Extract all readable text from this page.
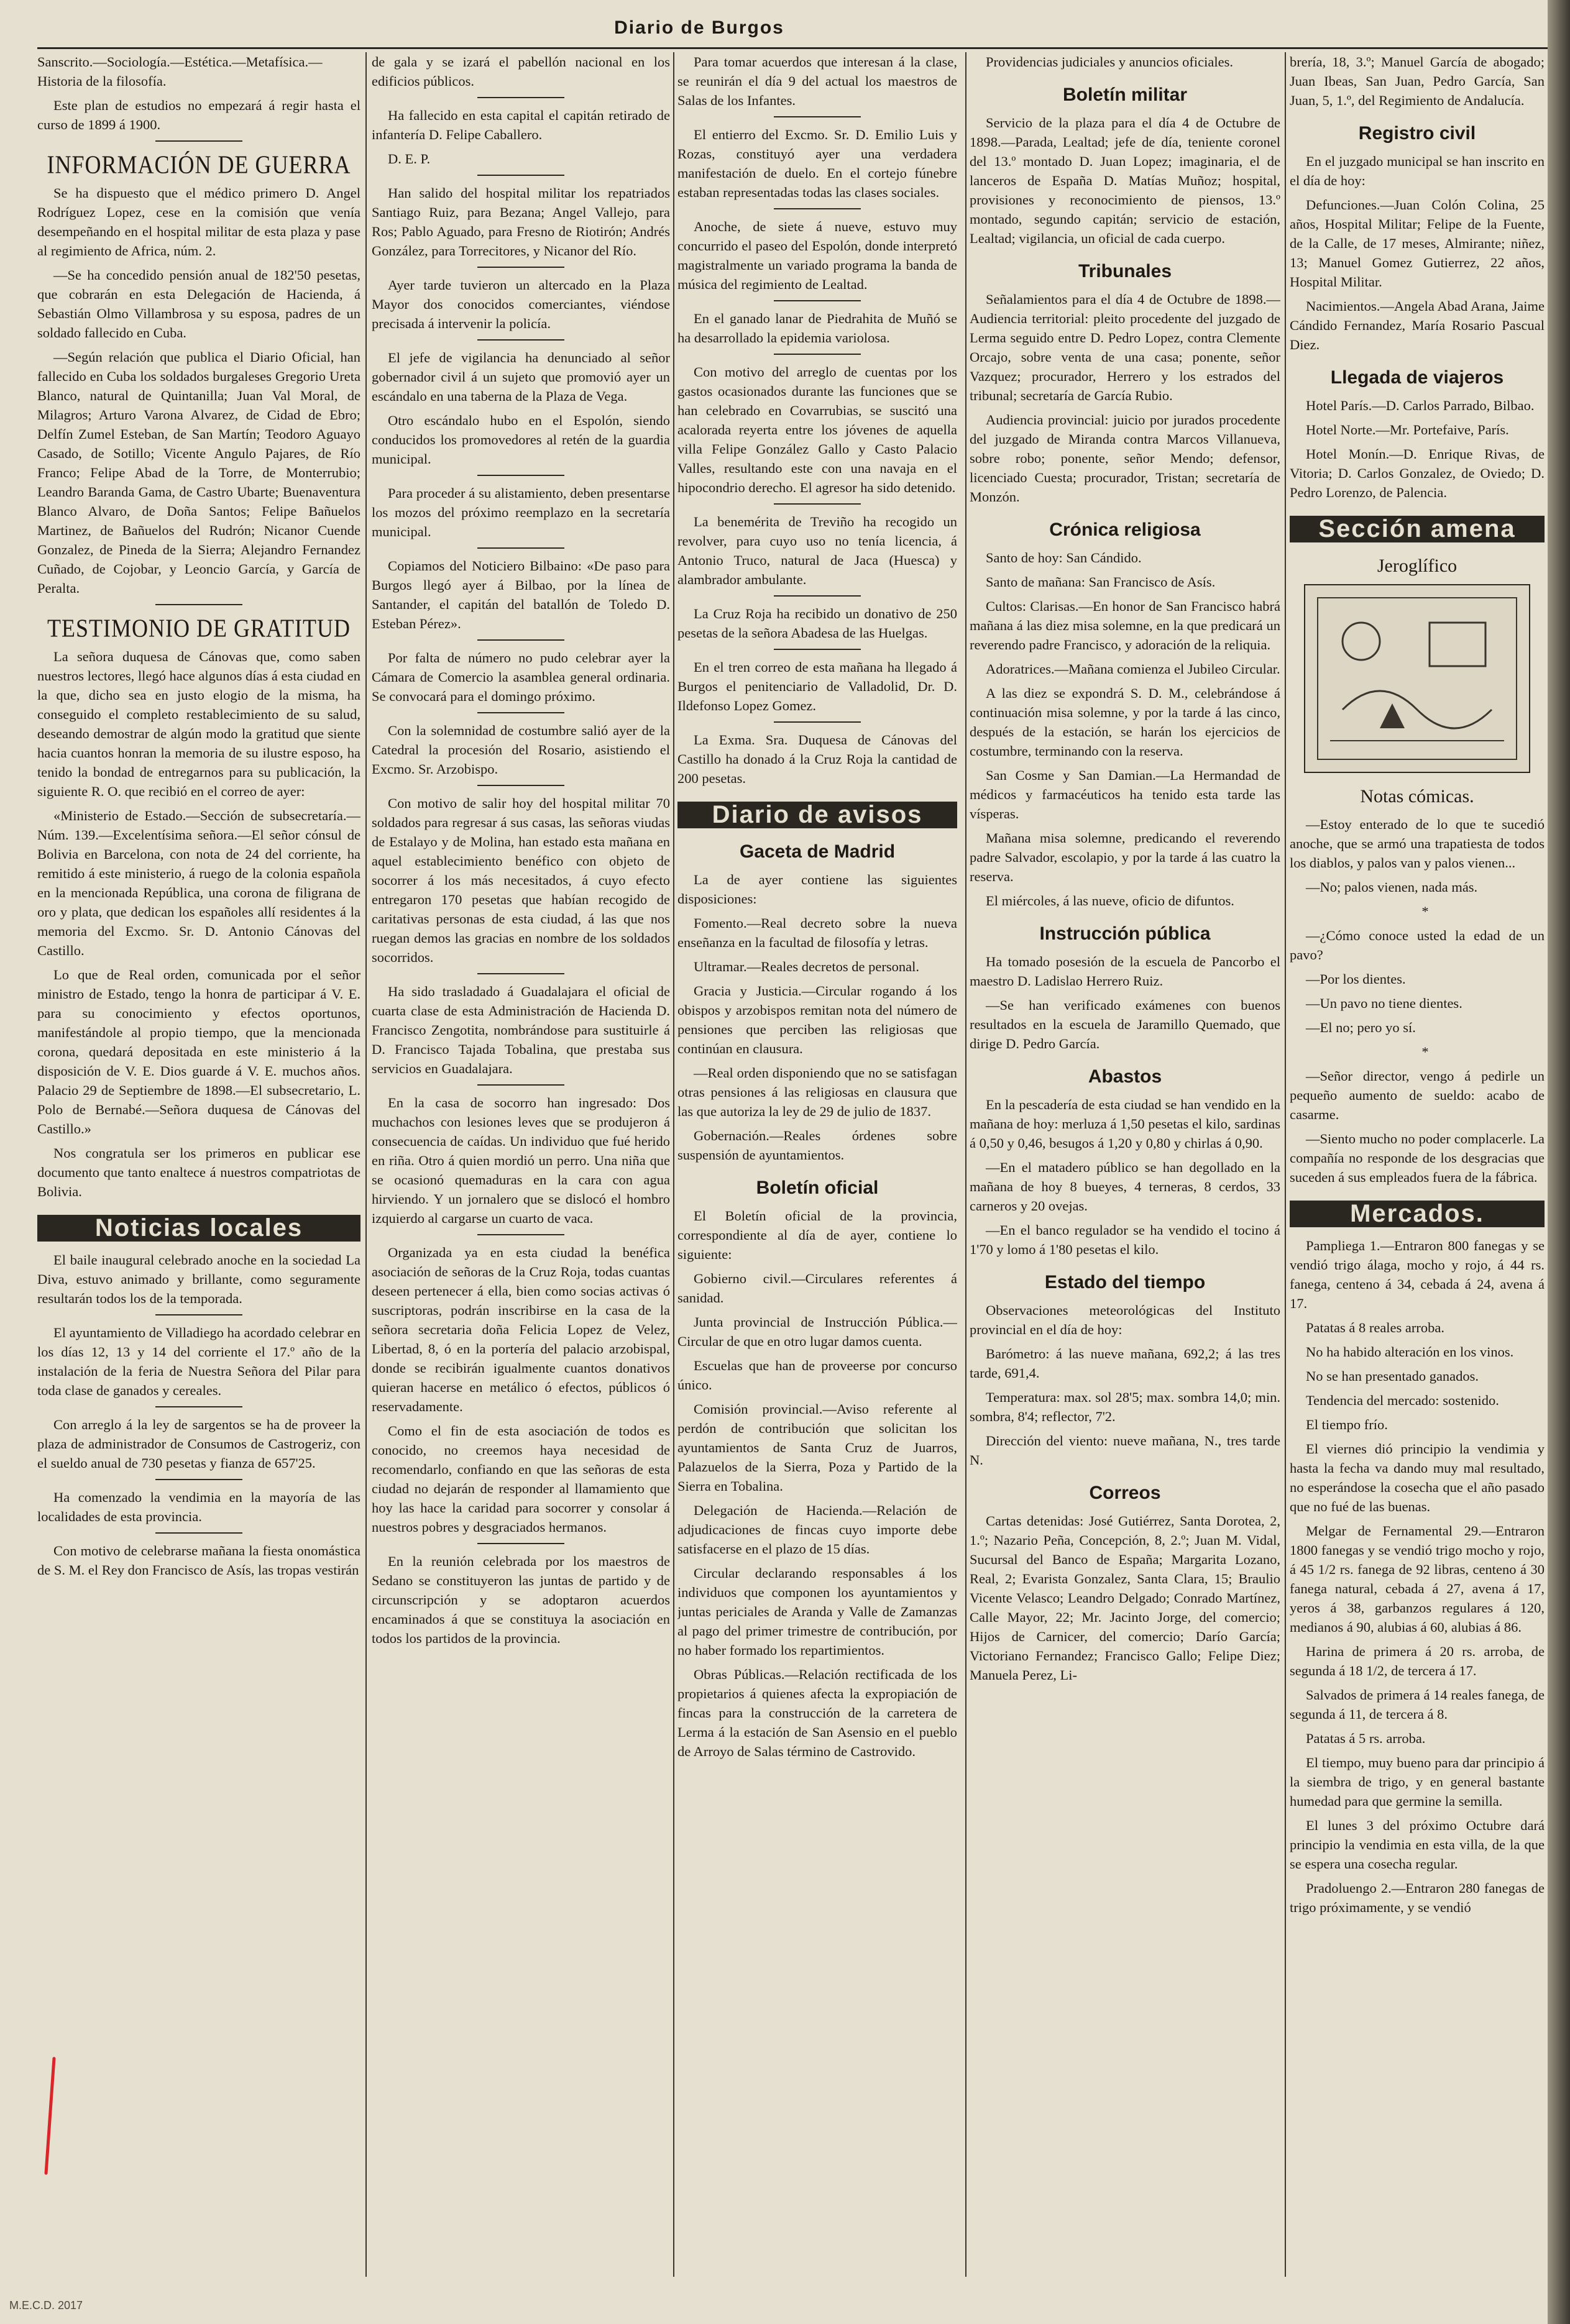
Diario de Burgos

Sanscrito.—Sociología.—Estética.—Metafísica.—Historia de la filosofía.

Este plan de estudios no empezará á regir hasta el curso de 1899 á 1900.

INFORMACIÓN DE GUERRA

Se ha dispuesto que el médico primero D. Angel Rodríguez Lopez, cese en la comisión que venía desempeñando en el hospital militar de esta plaza y pase al regimiento de Africa, núm. 2.

—Se ha concedido pensión anual de 182'50 pesetas, que cobrarán en esta Delegación de Hacienda, á Sebastián Olmo Villambrosa y su esposa, padres de un soldado fallecido en Cuba.

—Según relación que publica el Diario Oficial, han fallecido en Cuba los soldados burgaleses Gregorio Ureta Blanco, natural de Quintanilla; Juan Val Moral, de Milagros; Arturo Varona Alvarez, de Cidad de Ebro; Delfín Zumel Esteban, de San Martín; Teodoro Aguayo Casado, de Sotillo; Vicente Angulo Pajares, de Río Franco; Felipe Abad de la Torre, de Monterrubio; Leandro Baranda Gama, de Castro Ubarte; Buenaventura Blanco Alvaro, de Doña Santos; Felipe Bañuelos Martinez, de Bañuelos del Rudrón; Nicanor Cuende Gonzalez, de Pineda de la Sierra; Alejandro Fernandez Cuñado, de Cojobar, y Leoncio García, y García de Peralta.

TESTIMONIO DE GRATITUD

La señora duquesa de Cánovas que, como saben nuestros lectores, llegó hace algunos días á esta ciudad en la que, dicho sea en justo elogio de la misma, ha conseguido el completo restablecimiento de su salud, deseando demostrar de algún modo la gratitud que siente hacia cuantos honran la memoria de su ilustre esposo, ha tenido la bondad de entregarnos para su publicación, la siguiente R. O. que recibió en el correo de ayer:

«Ministerio de Estado.—Sección de subsecretaría.—Núm. 139.—Excelentísima señora.—El señor cónsul de Bolivia en Barcelona, con nota de 24 del corriente, ha remitido á este ministerio, á ruego de la colonia española en la mencionada República, una corona de filigrana de oro y plata, que dedican los españoles allí residentes á la memoria del Excmo. Sr. D. Antonio Cánovas del Castillo.

Lo que de Real orden, comunicada por el señor ministro de Estado, tengo la honra de participar á V. E. para su conocimiento y efectos oportunos, manifestándole al propio tiempo, que la mencionada corona, quedará depositada en este ministerio á la disposición de V. E. Dios guarde á V. E. muchos años. Palacio 29 de Septiembre de 1898.—El subsecretario, L. Polo de Bernabé.—Señora duquesa de Cánovas del Castillo.»

Nos congratula ser los primeros en publicar ese documento que tanto enaltece á nuestros compatriotas de Bolivia.

Noticias locales

El baile inaugural celebrado anoche en la sociedad La Diva, estuvo animado y brillante, como seguramente resultarán todos los de la temporada.

El ayuntamiento de Villadiego ha acordado celebrar en los días 12, 13 y 14 del corriente el 17.º año de la instalación de la feria de Nuestra Señora del Pilar para toda clase de ganados y cereales.

Con arreglo á la ley de sargentos se ha de proveer la plaza de administrador de Consumos de Castrogeriz, con el sueldo anual de 730 pesetas y fianza de 657'25.

Ha comenzado la vendimia en la mayoría de las localidades de esta provincia.

Con motivo de celebrarse mañana la fiesta onomástica de S. M. el Rey don Francisco de Asís, las tropas vestirán

de gala y se izará el pabellón nacional en los edificios públicos.

Ha fallecido en esta capital el capitán retirado de infantería D. Felipe Caballero.

D. E. P.

Han salido del hospital militar los repatriados Santiago Ruiz, para Bezana; Angel Vallejo, para Ros; Pablo Aguado, para Fresno de Riotirón; Andrés González, para Torrecitores, y Nicanor del Río.

Ayer tarde tuvieron un altercado en la Plaza Mayor dos conocidos comerciantes, viéndose precisada á intervenir la policía.

El jefe de vigilancia ha denunciado al señor gobernador civil á un sujeto que promovió ayer un escándalo en una taberna de la Plaza de Vega.

Otro escándalo hubo en el Espolón, siendo conducidos los promovedores al retén de la guardia municipal.

Para proceder á su alistamiento, deben presentarse los mozos del próximo reemplazo en la secretaría municipal.

Copiamos del Noticiero Bilbaino: «De paso para Burgos llegó ayer á Bilbao, por la línea de Santander, el capitán del batallón de Toledo D. Esteban Pérez».

Por falta de número no pudo celebrar ayer la Cámara de Comercio la asamblea general ordinaria. Se convocará para el domingo próximo.

Con la solemnidad de costumbre salió ayer de la Catedral la procesión del Rosario, asistiendo el Excmo. Sr. Arzobispo.

Con motivo de salir hoy del hospital militar 70 soldados para regresar á sus casas, las señoras viudas de Estalayo y de Molina, han estado esta mañana en aquel establecimiento benéfico con objeto de socorrer á los más necesitados, á cuyo efecto entregaron 170 pesetas que habían recogido de caritativas personas de esta ciudad, á las que nos ruegan demos las gracias en nombre de los soldados socorridos.

Ha sido trasladado á Guadalajara el oficial de cuarta clase de esta Administración de Hacienda D. Francisco Zengotita, nombrándose para sustituirle á D. Francisco Tajada Tobalina, que prestaba sus servicios en Guadalajara.

En la casa de socorro han ingresado: Dos muchachos con lesiones leves que se produjeron á consecuencia de caídas. Un individuo que fué herido en riña. Otro á quien mordió un perro. Una niña que se ocasionó quemaduras en la cara con agua hirviendo. Y un jornalero que se dislocó el hombro izquierdo al cargarse un cuarto de vaca.

Organizada ya en esta ciudad la benéfica asociación de señoras de la Cruz Roja, todas cuantas deseen pertenecer á ella, bien como socias activas ó suscriptoras, podrán inscribirse en la casa de la señora secretaria doña Felicia Lopez de Velez, Libertad, 8, ó en la portería del palacio arzobispal, donde se recibirán igualmente cuantos donativos quieran hacerse en metálico ó efectos, públicos ó reservadamente.

Como el fin de esta asociación de todos es conocido, no creemos haya necesidad de recomendarlo, confiando en que las señoras de esta ciudad no dejarán de responder al llamamiento que hoy las hace la caridad para socorrer y consolar á nuestros pobres y desgraciados hermanos.

En la reunión celebrada por los maestros de Sedano se constituyeron las juntas de partido y de circunscripción y se adoptaron acuerdos encaminados á que se constituya la asociación en todos los partidos de la provincia.

Para tomar acuerdos que interesan á la clase, se reunirán el día 9 del actual los maestros de Salas de los Infantes.

El entierro del Excmo. Sr. D. Emilio Luis y Rozas, constituyó ayer una verdadera manifestación de duelo. En el cortejo fúnebre estaban representadas todas las clases sociales.

Anoche, de siete á nueve, estuvo muy concurrido el paseo del Espolón, donde interpretó magistralmente un variado programa la banda de música del regimiento de Lealtad.

En el ganado lanar de Piedrahita de Muñó se ha desarrollado la epidemia variolosa.

Con motivo del arreglo de cuentas por los gastos ocasionados durante las funciones que se han celebrado en Covarrubias, se suscitó una acalorada reyerta entre los jóvenes de aquella villa Felipe González Gallo y Casto Palacio Valles, resultando este con una navaja en el hipocondrio derecho. El agresor ha sido detenido.

La benemérita de Treviño ha recogido un revolver, para cuyo uso no tenía licencia, á Antonio Truco, natural de Jaca (Huesca) y alambrador ambulante.

La Cruz Roja ha recibido un donativo de 250 pesetas de la señora Abadesa de las Huelgas.

En el tren correo de esta mañana ha llegado á Burgos el penitenciario de Valladolid, Dr. D. Ildefonso Lopez Gomez.

La Exma. Sra. Duquesa de Cánovas del Castillo ha donado á la Cruz Roja la cantidad de 200 pesetas.

Diario de avisos
Gaceta de Madrid

La de ayer contiene las siguientes disposiciones:

Fomento.—Real decreto sobre la nueva enseñanza en la facultad de filosofía y letras.

Ultramar.—Reales decretos de personal.

Gracia y Justicia.—Circular rogando á los obispos y arzobispos remitan nota del número de pensiones que perciben las religiosas que continúan en clausura.

—Real orden disponiendo que no se satisfagan otras pensiones á las religiosas en clausura que las que autoriza la ley de 29 de julio de 1837.

Gobernación.—Reales órdenes sobre suspensión de ayuntamientos.

Boletín oficial

El Boletín oficial de la provincia, correspondiente al día de ayer, contiene lo siguiente:

Gobierno civil.—Circulares referentes á sanidad.

Junta provincial de Instrucción Pública.—Circular de que en otro lugar damos cuenta.

Escuelas que han de proveerse por concurso único.

Comisión provincial.—Aviso referente al perdón de contribución que solicitan los ayuntamientos de Santa Cruz de Juarros, Palazuelos de la Sierra, Poza y Partido de la Sierra en Tobalina.

Delegación de Hacienda.—Relación de adjudicaciones de fincas cuyo importe debe satisfacerse en el plazo de 15 días.

Circular declarando responsables á los individuos que componen los ayuntamientos y juntas periciales de Aranda y Valle de Zamanzas al pago del primer trimestre de contribución, por no haber formado los repartimientos.

Obras Públicas.—Relación rectificada de los propietarios á quienes afecta la expropiación de fincas para la construcción de la carretera de Lerma á la estación de San Asensio en el pueblo de Arroyo de Salas término de Castrovido.

Providencias judiciales y anuncios oficiales.

Boletín militar

Servicio de la plaza para el día 4 de Octubre de 1898.—Parada, Lealtad; jefe de día, teniente coronel del 13.º montado D. Juan Lopez; imaginaria, el de lanceros de España D. Matías Muñoz; hospital, provisiones y reconocimiento de piensos, 13.º montado, segundo capitán; servicio de estación, Lealtad; vigilancia, un oficial de cada cuerpo.

Tribunales

Señalamientos para el día 4 de Octubre de 1898.—Audiencia territorial: pleito procedente del juzgado de Lerma seguido entre D. Pedro Lopez, contra Clemente Orcajo, sobre venta de una casa; ponente, señor Vazquez; procurador, Herrero y los estrados del tribunal; secretaría de García Rubio.

Audiencia provincial: juicio por jurados procedente del juzgado de Miranda contra Marcos Villanueva, sobre robo; ponente, señor Mendo; defensor, licenciado Cuesta; procurador, Tristan; secretaría de Monzón.

Crónica religiosa

Santo de hoy: San Cándido.

Santo de mañana: San Francisco de Asís.

Cultos: Clarisas.—En honor de San Francisco habrá mañana á las diez misa solemne, en la que predicará un reverendo padre Francisco, y adoración de la reliquia.

Adoratrices.—Mañana comienza el Jubileo Circular.

A las diez se expondrá S. D. M., celebrándose á continuación misa solemne, y por la tarde á las cinco, después de la estación, se harán los ejercicios de costumbre, terminando con la reserva.

San Cosme y San Damian.—La Hermandad de médicos y farmacéuticos ha tenido esta tarde las vísperas.

Mañana misa solemne, predicando el reverendo padre Salvador, escolapio, y por la tarde á las cuatro la reserva.

El miércoles, á las nueve, oficio de difuntos.

Instrucción pública

Ha tomado posesión de la escuela de Pancorbo el maestro D. Ladislao Herrero Ruiz.

—Se han verificado exámenes con buenos resultados en la escuela de Jaramillo Quemado, que dirige D. Pedro García.

Abastos

En la pescadería de esta ciudad se han vendido en la mañana de hoy: merluza á 1,50 pesetas el kilo, sardinas á 0,50 y 0,46, besugos á 1,20 y 0,80 y chirlas á 0,90.

—En el matadero público se han degollado en la mañana de hoy 8 bueyes, 4 terneras, 8 cerdos, 33 carneros y 20 ovejas.

—En el banco regulador se ha vendido el tocino á 1'70 y lomo á 1'80 pesetas el kilo.

Estado del tiempo

Observaciones meteorológicas del Instituto provincial en el día de hoy:

Barómetro: á las nueve mañana, 692,2; á las tres tarde, 691,4.

Temperatura: max. sol 28'5; max. sombra 14,0; min. sombra, 8'4; reflector, 7'2.

Dirección del viento: nueve mañana, N., tres tarde N.

Correos

Cartas detenidas: José Gutiérrez, Santa Dorotea, 2, 1.º; Nazario Peña, Concepción, 8, 2.º; Juan M. Vidal, Sucursal del Banco de España; Margarita Lozano, Real, 2; Evarista Gonzalez, Santa Clara, 15; Braulio Vicente Velasco; Leandro Delgado; Conrado Martínez, Calle Mayor, 22; Mr. Jacinto Jorge, del comercio; Hijos de Carnicer, del comercio; Darío García; Victoriano Fernandez; Francisco Gallo; Felipe Diez; Manuela Perez, Li-

brería, 18, 3.º; Manuel García de abogado; Juan Ibeas, San Juan, Pedro García, San Juan, 5, 1.º, del Regimiento de Andalucía.

Registro civil

En el juzgado municipal se han inscrito en el día de hoy:

Defunciones.—Juan Colón Colina, 25 años, Hospital Militar; Felipe de la Fuente, de la Calle, de 17 meses, Almirante; niñez, 13; Manuel Gomez Gutierrez, 22 años, Hospital Militar.

Nacimientos.—Angela Abad Arana, Jaime Cándido Fernandez, María Rosario Pascual Diez.

Llegada de viajeros

Hotel París.—D. Carlos Parrado, Bilbao.

Hotel Norte.—Mr. Portefaive, París.

Hotel Monín.—D. Enrique Rivas, de Vitoria; D. Carlos Gonzalez, de Oviedo; D. Pedro Lorenzo, de Palencia.

Sección amena
Jeroglífico
Notas cómicas.

—Estoy enterado de lo que te sucedió anoche, que se armó una trapatiesta de todos los diablos, y palos van y palos vienen...

—No; palos vienen, nada más.

*

—¿Cómo conoce usted la edad de un pavo?

—Por los dientes.

—Un pavo no tiene dientes.

—El no; pero yo sí.

*

—Señor director, vengo á pedirle un pequeño aumento de sueldo: acabo de casarme.

—Siento mucho no poder complacerle. La compañía no responde de los desgracias que suceden á sus empleados fuera de la fábrica.

Mercados.

Pampliega 1.—Entraron 800 fanegas y se vendió trigo álaga, mocho y rojo, á 44 rs. fanega, centeno á 34, cebada á 24, avena á 17.

Patatas á 8 reales arroba.

No ha habido alteración en los vinos.

No se han presentado ganados.

Tendencia del mercado: sostenido.

El tiempo frío.

El viernes dió principio la vendimia y hasta la fecha va dando muy mal resultado, no esperándose la cosecha que el año pasado que no fué de las buenas.

Melgar de Fernamental 29.—Entraron 1800 fanegas y se vendió trigo mocho y rojo, á 45 1/2 rs. fanega de 92 libras, centeno á 30 fanega natural, cebada á 27, avena á 17, yeros á 38, garbanzos regulares á 120, medianos á 90, alubias á 60, alubias á 86.

Harina de primera á 20 rs. arroba, de segunda á 18 1/2, de tercera á 17.

Salvados de primera á 14 reales fanega, de segunda á 11, de tercera á 8.

Patatas á 5 rs. arroba.

El tiempo, muy bueno para dar principio á la siembra de trigo, y en general bastante humedad para que germine la semilla.

El lunes 3 del próximo Octubre dará principio la vendimia en esta villa, de la que se espera una cosecha regular.

Pradoluengo 2.—Entraron 280 fanegas de trigo próximamente, y se vendió

M.E.C.D. 2017
